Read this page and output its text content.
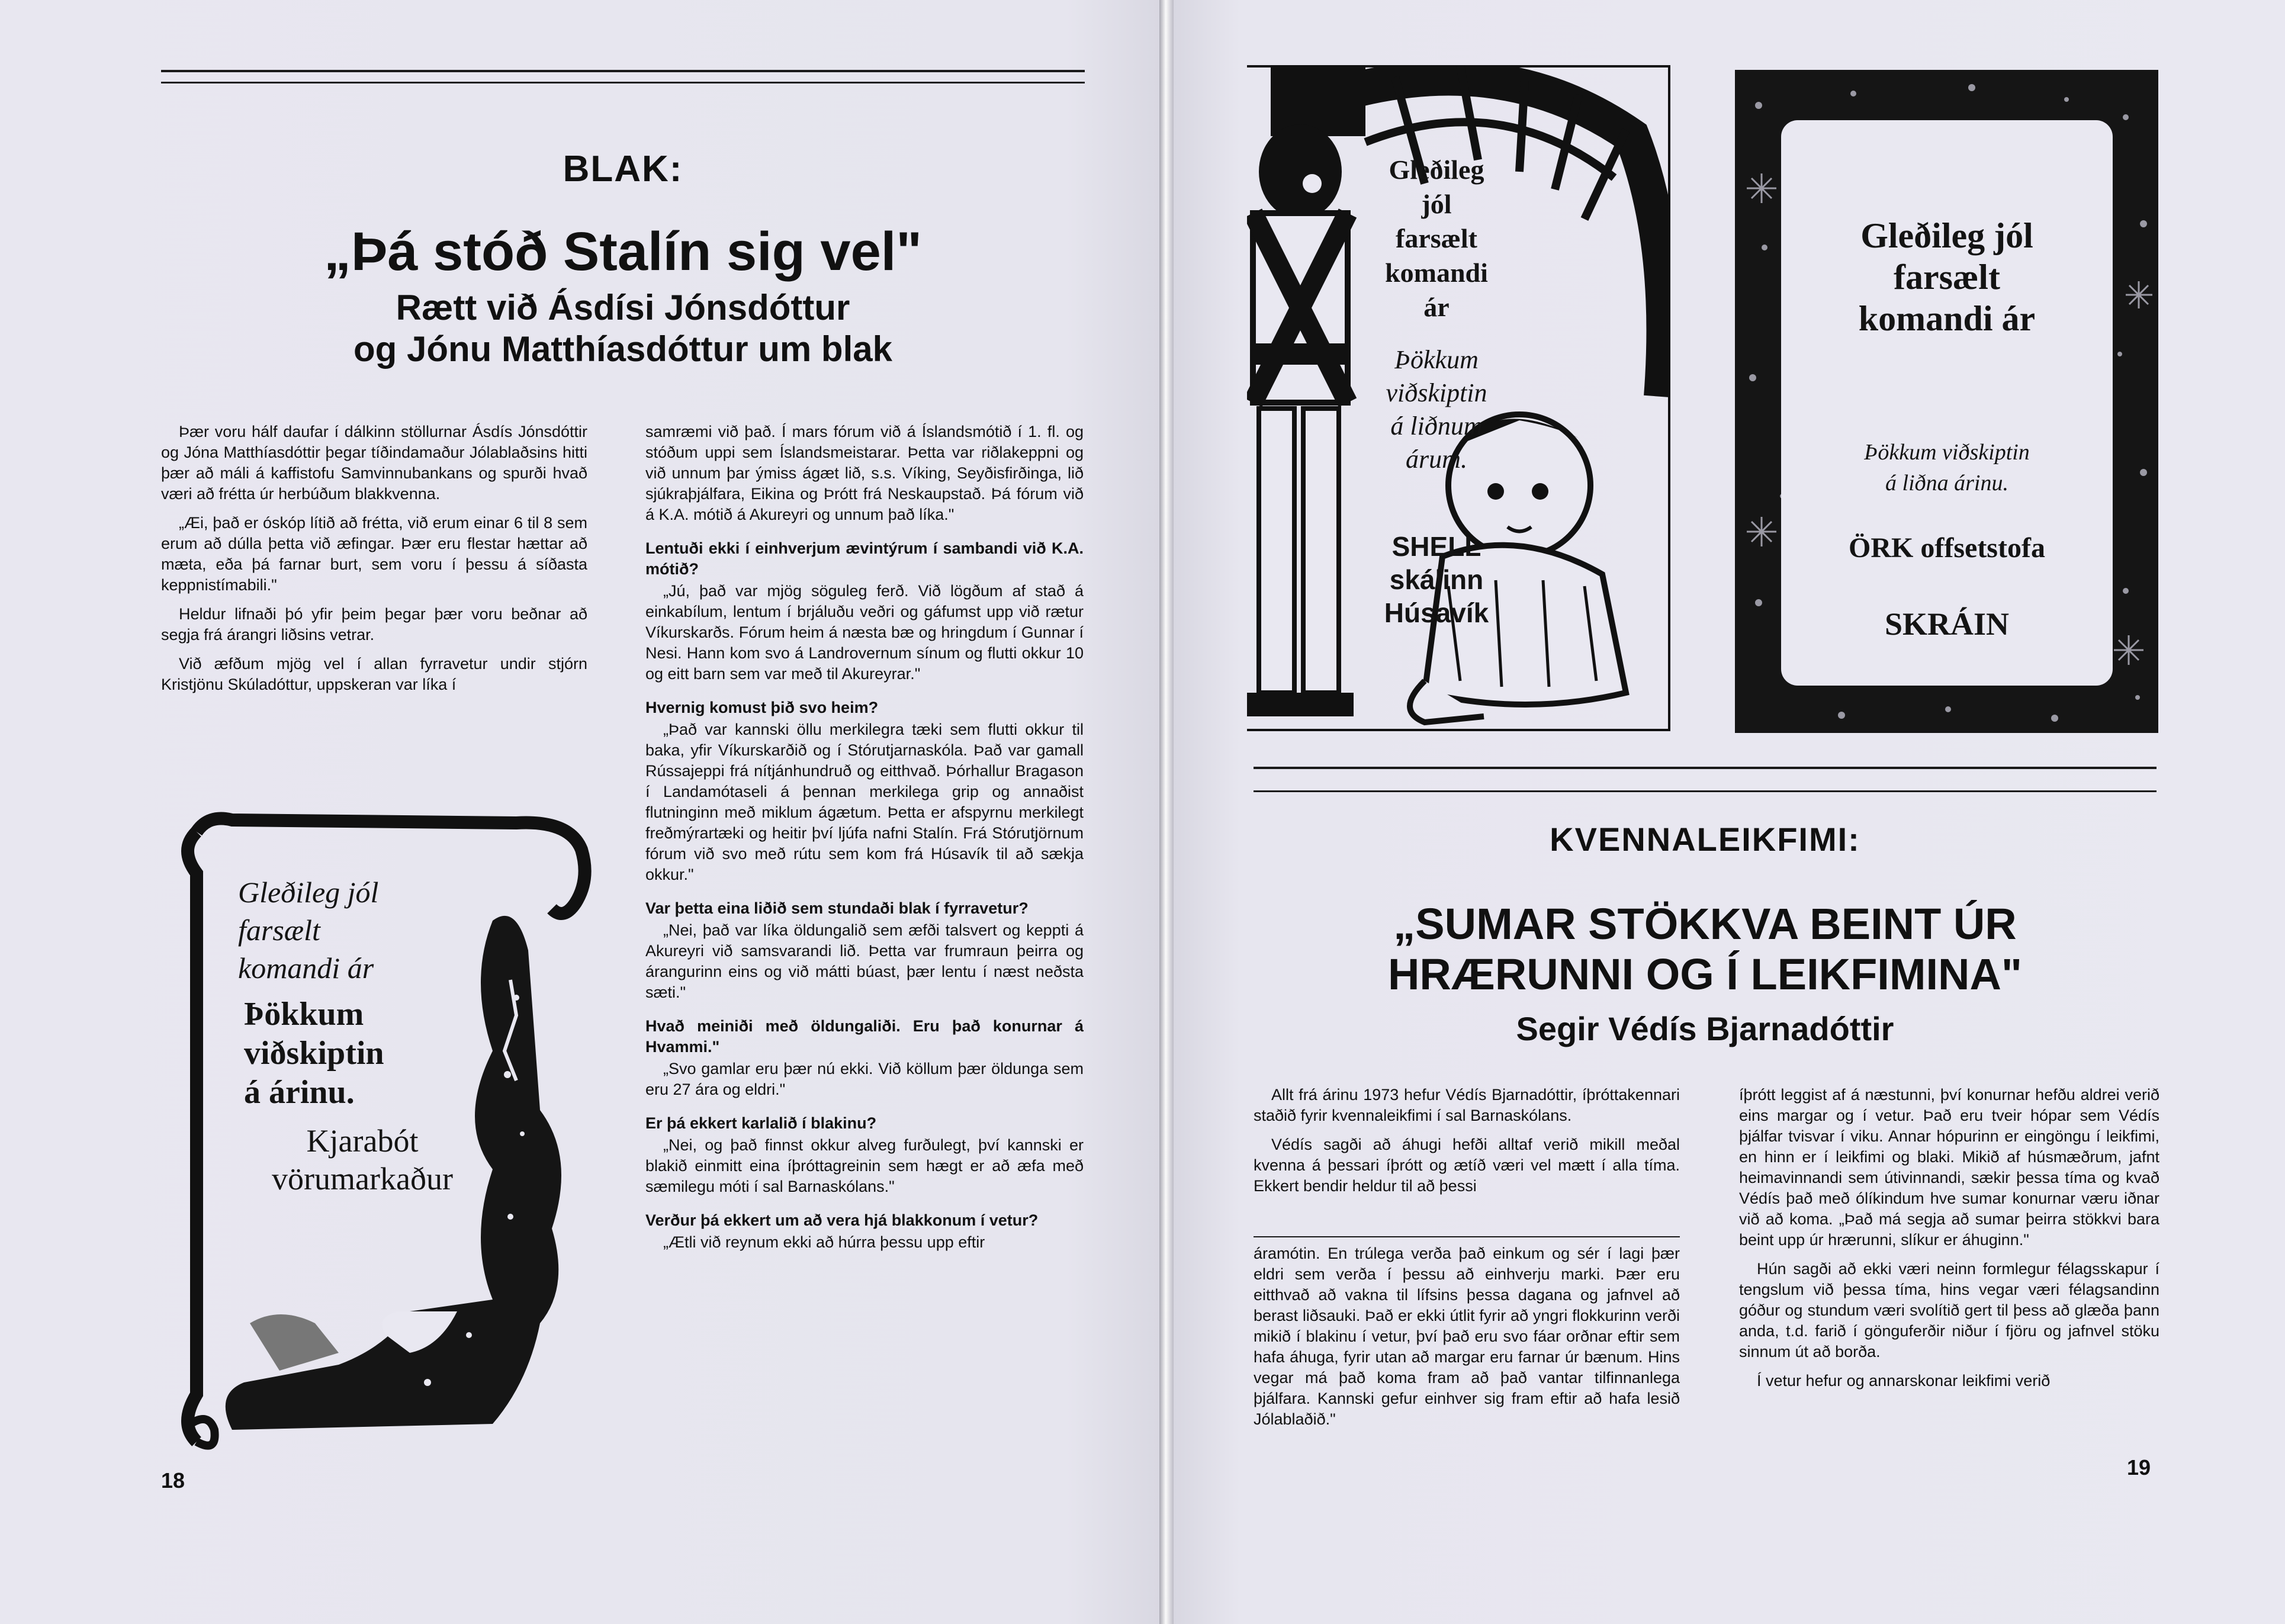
BLAK:
„Þá stóð Stalín sig vel"
Rætt við Ásdísi Jónsdóttur
og Jónu Matthíasdóttur um blak

Þær voru hálf daufar í dálkinn stöllurnar Ásdís Jónsdóttir og Jóna Matthíasdóttir þegar tíðindamaður Jólablaðsins hitti þær að máli á kaffistofu Samvinnubankans og spurði hvað væri að frétta úr herbúðum blakkvenna.

„Æi, það er óskóp lítið að frétta, við erum einar 6 til 8 sem erum að dúlla þetta við æfingar. Þær eru flestar hættar að mæta, eða þá farnar burt, sem voru í þessu á síðasta keppnistímabili."

Heldur lifnaði þó yfir þeim þegar þær voru beðnar að segja frá árangri liðsins vetrar.

Við æfðum mjög vel í allan fyrravetur undir stjórn Kristjönu Skúladóttur, uppskeran var líka í

samræmi við það. Í mars fórum við á Íslandsmótið í 1. fl. og stóðum uppi sem Íslandsmeistarar. Þetta var riðlakeppni og við unnum þar ýmiss ágæt lið, s.s. Víking, Seyðisfirðinga, lið sjúkraþjálfara, Eikina og Þrótt frá Neskaupstað. Þá fórum við á K.A. mótið á Akureyri og unnum það líka."

Lentuði ekki í einhverjum ævintýrum í sambandi við K.A. mótið?

„Jú, það var mjög söguleg ferð. Við lögðum af stað á einkabílum, lentum í brjáluðu veðri og gáfumst upp við rætur Víkurskarðs. Fórum heim á næsta bæ og hringdum í Gunnar í Nesi. Hann kom svo á Landrovernum sínum og flutti okkur 10 og eitt barn sem var með til Akureyrar."

Hvernig komust þið svo heim?

„Það var kannski öllu merkilegra tæki sem flutti okkur til baka, yfir Víkurskarðið og í Stórutjarnaskóla. Það var gamall Rússajeppi frá nítjánhundruð og eitthvað. Þórhallur Bragason í Landamótaseli á þennan merkilega grip og annaðist flutninginn með miklum ágætum. Þetta er afspyrnu merkilegt freðmýrartæki og heitir því ljúfa nafni Stalín. Frá Stórutjörnum fórum við svo með rútu sem kom frá Húsavík til að sækja okkur."

Var þetta eina liðið sem stundaði blak í fyrravetur?

„Nei, það var líka öldungalið sem æfði talsvert og keppti á Akureyri við samsvarandi lið. Þetta var frumraun þeirra og árangurinn eins og við mátti búast, þær lentu í næst neðsta sæti."

Hvað meiniði með öldungaliði. Eru það konurnar á Hvammi."

„Svo gamlar eru þær nú ekki. Við köllum þær öldunga sem eru 27 ára og eldri."

Er þá ekkert karlalið í blakinu?

„Nei, og það finnst okkur alveg furðulegt, því kannski er blakið einmitt eina íþróttagreinin sem hægt er að æfa með sæmilegu móti í sal Barnaskólans."

Verður þá ekkert um að vera hjá blakkonum í vetur?

„Ætli við reynum ekki að húrra þessu upp eftir

Gleðileg jól
farsælt
komandi ár
Þökkum
viðskiptin
á árinu.
Kjarabót
vörumarkaður
18
Gleðileg
jól
farsælt
komandi
ár
Þökkum
viðskiptin
á liðnum
árum.
SHELL
skálinn
Húsavík
Gleðileg jól
farsælt
komandi ár
Þökkum viðskiptin
á liðna árinu.
ÖRK offsetstofa
SKRÁIN
KVENNALEIKFIMI:
„SUMAR STÖKKVA BEINT ÚR
HRÆRUNNI OG Í LEIKFIMINA"
Segir Védís Bjarnadóttir

Allt frá árinu 1973 hefur Védís Bjarnadóttir, íþróttakennari staðið fyrir kvennaleikfimi í sal Barnaskólans.

Védís sagði að áhugi hefði alltaf verið mikill meðal kvenna á þessari íþrótt og ætíð væri vel mætt í alla tíma. Ekkert bendir heldur til að þessi

áramótin. En trúlega verða það einkum og sér í lagi þær eldri sem verða í þessu að einhverju marki. Þær eru eitthvað að vakna til lífsins þessa dagana og jafnvel að berast liðsauki. Það er ekki útlit fyrir að yngri flokkurinn verði mikið í blakinu í vetur, því það eru svo fáar orðnar eftir sem hafa áhuga, fyrir utan að margar eru farnar úr bænum. Hins vegar má það koma fram að það vantar tilfinnanlega þjálfara. Kannski gefur einhver sig fram eftir að hafa lesið Jólablaðið."

íþrótt leggist af á næstunni, því konurnar hefðu aldrei verið eins margar og í vetur. Það eru tveir hópar sem Védís þjálfar tvisvar í viku. Annar hópurinn er eingöngu í leikfimi, en hinn er í leikfimi og blaki. Mikið af húsmæðrum, jafnt heimavinnandi sem útivinnandi, sækir þessa tíma og kvað Védís það með ólíkindum hve sumar konurnar væru iðnar við að koma. „Það má segja að sumar þeirra stökkvi bara beint upp úr hrærunni, slíkur er áhuginn."

Hún sagði að ekki væri neinn formlegur félagsskapur í tengslum við þessa tíma, hins vegar væri félagsandinn góður og stundum væri svolítið gert til þess að glæða þann anda, t.d. farið í gönguferðir niður í fjöru og jafnvel stöku sinnum út að borða.

Í vetur hefur og annarskonar leikfimi verið

19
